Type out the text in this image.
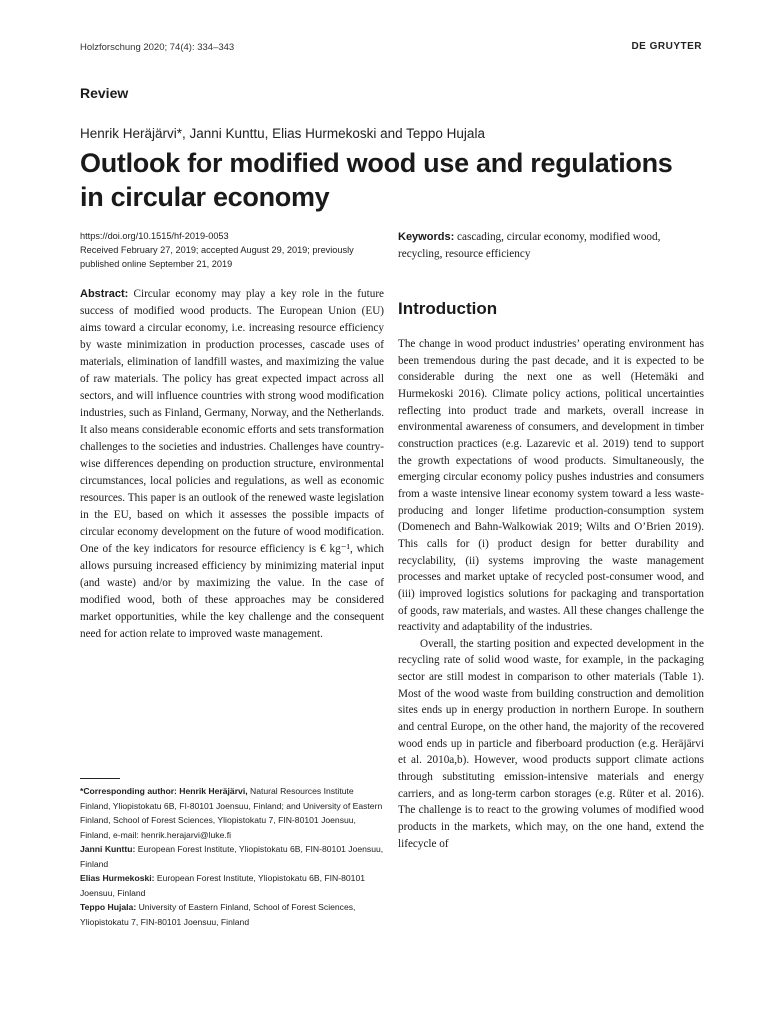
Holzforschung 2020; 74(4): 334–343	DE GRUYTER
Review
Henrik Heräjärvi*, Janni Kunttu, Elias Hurmekoski and Teppo Hujala
Outlook for modified wood use and regulations in circular economy
https://doi.org/10.1515/hf-2019-0053
Received February 27, 2019; accepted August 29, 2019; previously published online September 21, 2019
Keywords: cascading, circular economy, modified wood, recycling, resource efficiency
Abstract: Circular economy may play a key role in the future success of modified wood products. The European Union (EU) aims toward a circular economy, i.e. increasing resource efficiency by waste minimization in production processes, cascade uses of materials, elimination of landfill wastes, and maximizing the value of raw materials. The policy has great expected impact across all sectors, and will influence countries with strong wood modification industries, such as Finland, Germany, Norway, and the Netherlands. It also means considerable economic efforts and sets transformation challenges to the societies and industries. Challenges have country-wise differences depending on production structure, environmental circumstances, local policies and regulations, as well as economic resources. This paper is an outlook of the renewed waste legislation in the EU, based on which it assesses the possible impacts of circular economy development on the future of wood modification. One of the key indicators for resource efficiency is € kg⁻¹, which allows pursuing increased efficiency by minimizing material input (and waste) and/or by maximizing the value. In the case of modified wood, both of these approaches may be considered market opportunities, while the key challenge and the consequent need for action relate to improved waste management.

*Corresponding author: Henrik Heräjärvi, Natural Resources Institute Finland, Yliopistokatu 6B, FI-80101 Joensuu, Finland; and University of Eastern Finland, School of Forest Sciences, Yliopistokatu 7, FIN-80101 Joensuu, Finland, e-mail: henrik.herajarvi@luke.fi

Janni Kunttu: European Forest Institute, Yliopistokatu 6B, FIN-80101 Joensuu, Finland

Elias Hurmekoski: European Forest Institute, Yliopistokatu 6B, FIN-80101 Joensuu, Finland

Teppo Hujala: University of Eastern Finland, School of Forest Sciences, Yliopistokatu 7, FIN-80101 Joensuu, Finland

Introduction

The change in wood product industries’ operating environment has been tremendous during the past decade, and it is expected to be considerable during the next one as well (Hetemäki and Hurmekoski 2016). Climate policy actions, political uncertainties reflecting into product trade and markets, overall increase in environmental awareness of consumers, and development in timber construction practices (e.g. Lazarevic et al. 2019) tend to support the growth expectations of wood products. Simultaneously, the emerging circular economy policy pushes industries and consumers from a waste intensive linear economy system toward a less waste-producing and longer lifetime production-consumption system (Domenech and Bahn-Walkowiak 2019; Wilts and O’Brien 2019). This calls for (i) product design for better durability and recyclability, (ii) systems improving the waste management processes and market uptake of recycled post-consumer wood, and (iii) improved logistics solutions for packaging and transportation of goods, raw materials, and wastes. All these changes challenge the reactivity and adaptability of the industries.

Overall, the starting position and expected development in the recycling rate of solid wood waste, for example, in the packaging sector are still modest in comparison to other materials (Table 1). Most of the wood waste from building construction and demolition sites ends up in energy production in northern Europe. In southern and central Europe, on the other hand, the majority of the recovered wood ends up in particle and fiberboard production (e.g. Heräjärvi et al. 2010a,b). However, wood products support climate actions through substituting emission-intensive materials and energy carriers, and as long-term carbon storages (e.g. Rüter et al. 2016). The challenge is to react to the growing volumes of modified wood products in the markets, which may, on the one hand, extend the lifecycle of
